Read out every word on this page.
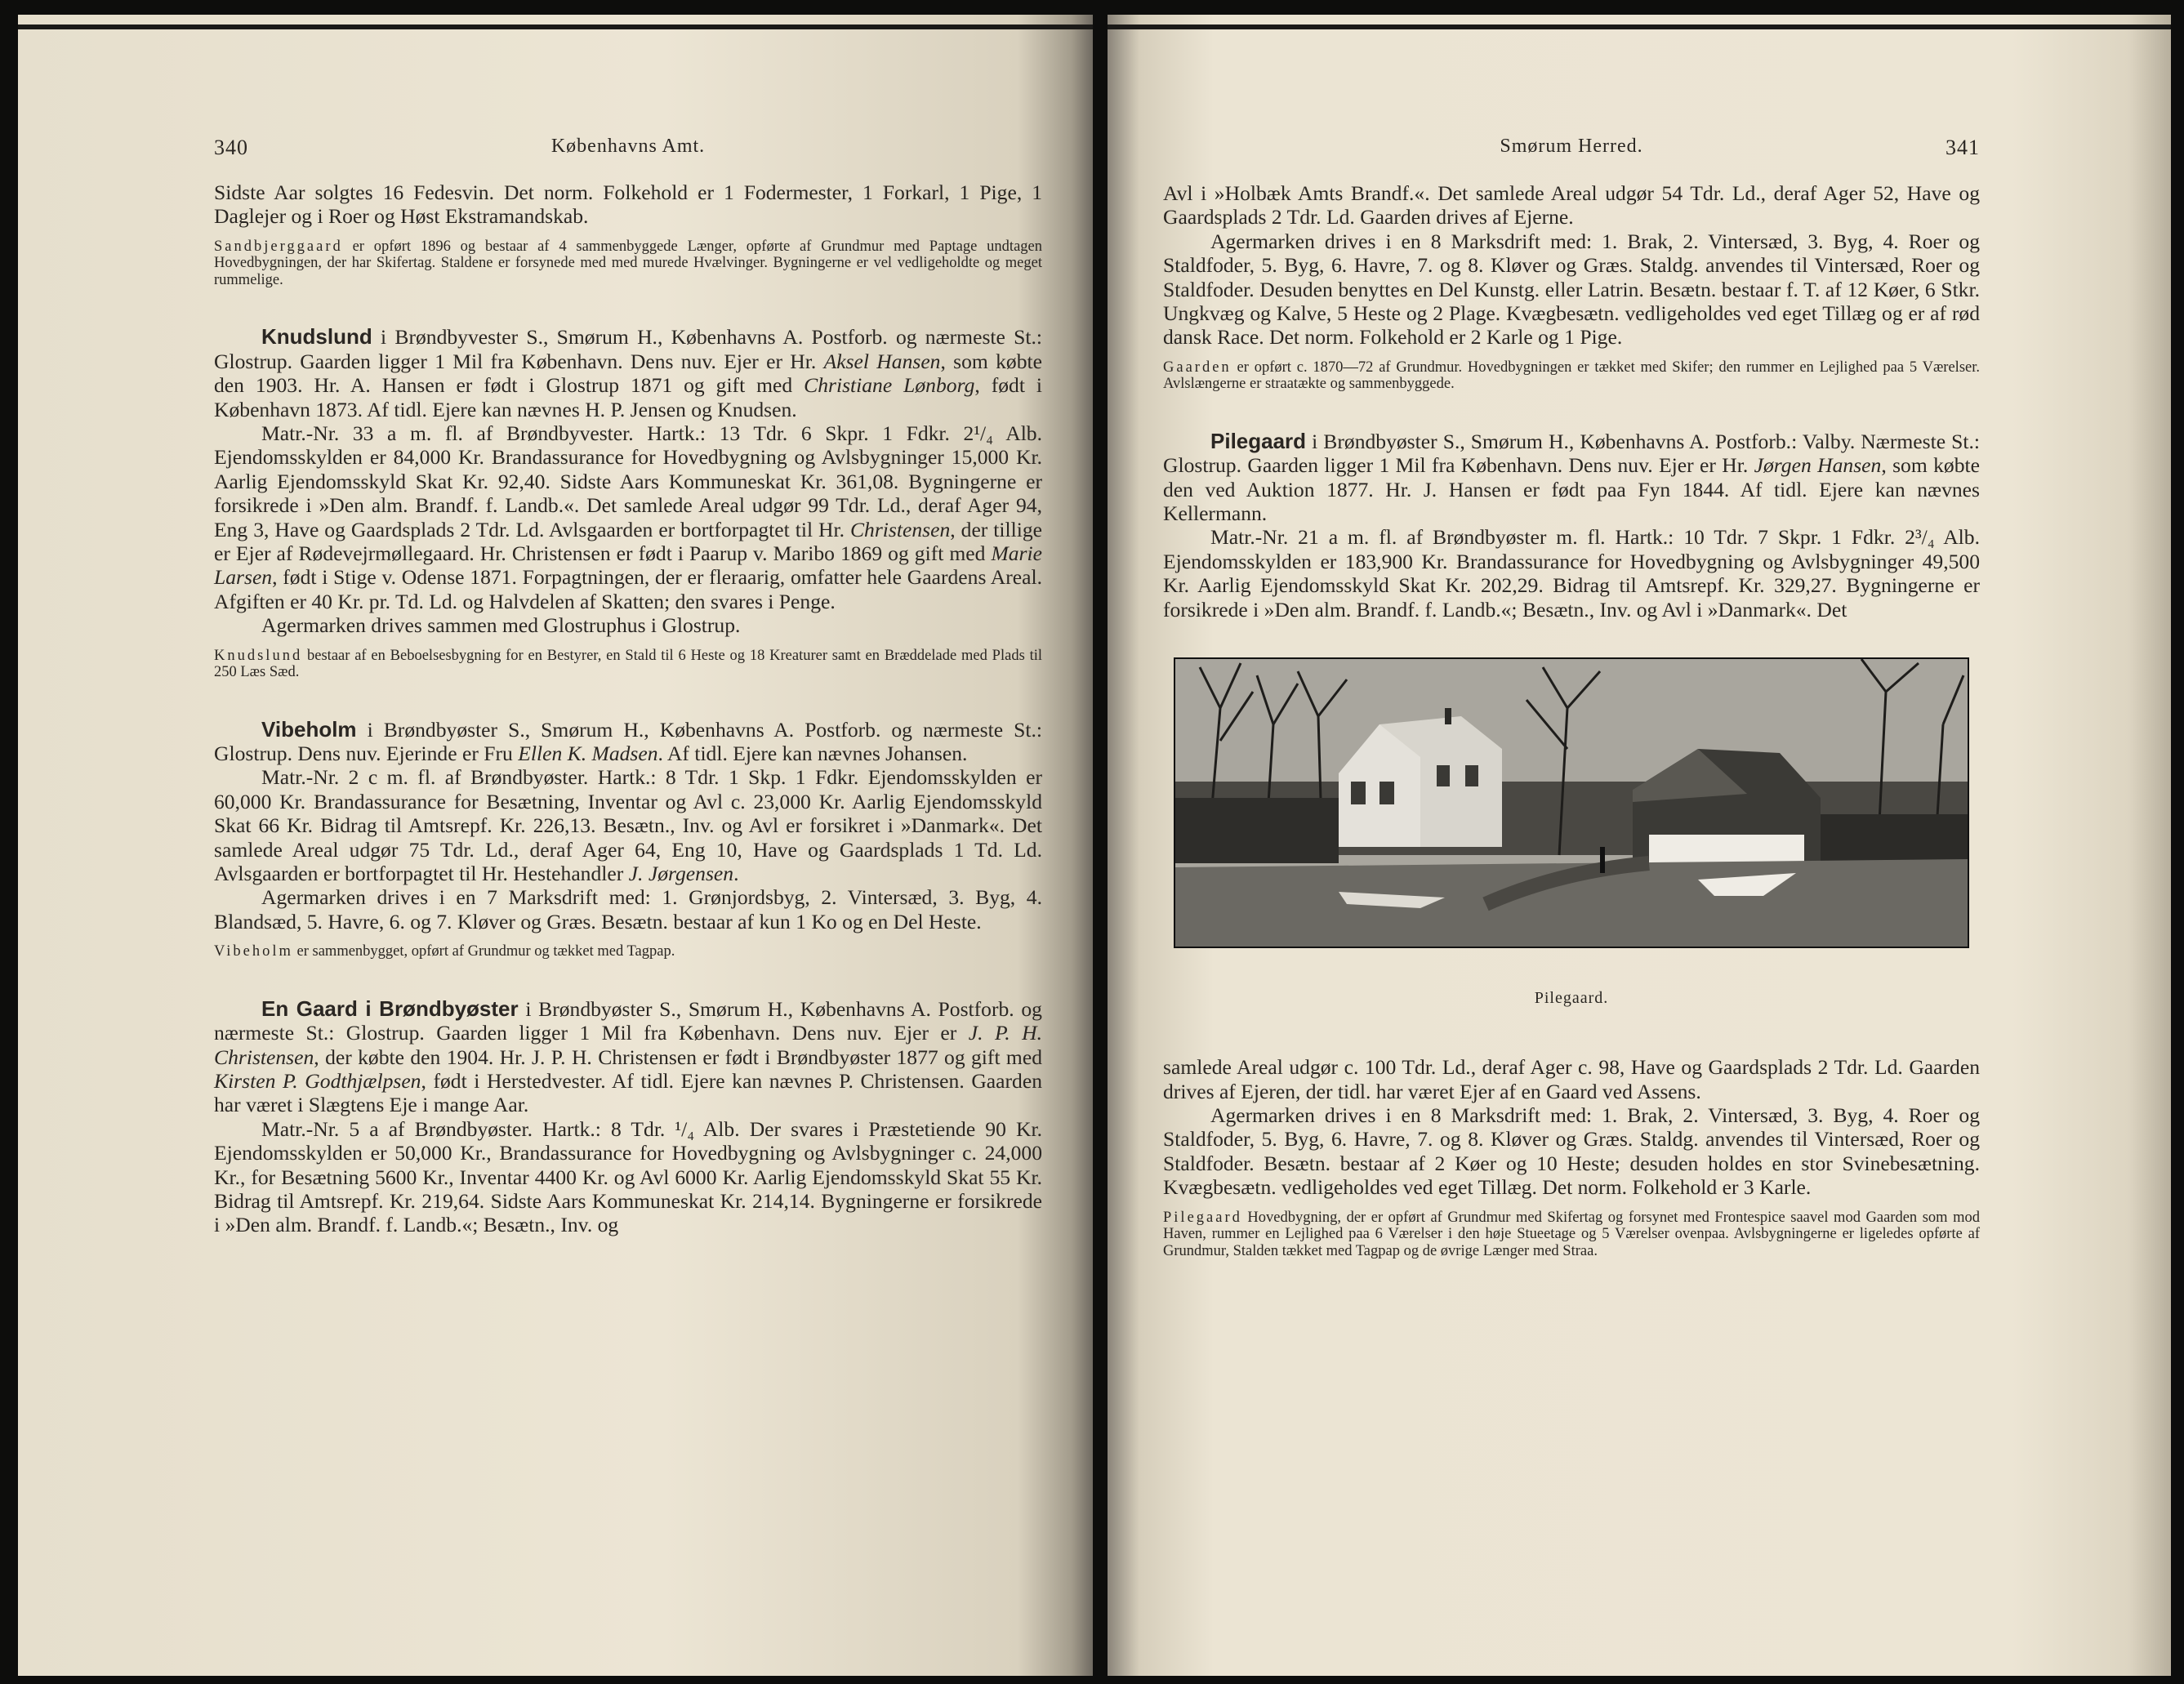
340	Københavns Amt.

Sidste Aar solgtes 16 Fedesvin. Det norm. Folkehold er 1 Fodermester, 1 Forkarl, 1 Pige, 1 Daglejer og i Roer og Høst Ekstramandskab.

Sandbjerggaard er opført 1896 og bestaar af 4 sammenbyggede Længer, opførte af Grundmur med Paptage undtagen Hovedbygningen, der har Skifertag. Staldene er forsynede med med murede Hvælvinger. Bygningerne er vel vedligeholdte og meget rummelige.

Knudslund i Brøndbyvester S., Smørum H., Københavns A. Postforb. og nærmeste St.: Glostrup. Gaarden ligger 1 Mil fra København. Dens nuv. Ejer er Hr. Aksel Hansen, som købte den 1903. Hr. A. Hansen er født i Glostrup 1871 og gift med Christiane Lønborg, født i København 1873. Af tidl. Ejere kan nævnes H. P. Jensen og Knudsen.

Matr.-Nr. 33 a m. fl. af Brøndbyvester. Hartk.: 13 Tdr. 6 Skpr. 1 Fdkr. 2¹/₄ Alb. Ejendomsskylden er 84,000 Kr. Brandassurance for Hovedbygning og Avlsbygninger 15,000 Kr. Aarlig Ejendomsskyld Skat Kr. 92,40. Sidste Aars Kommuneskat Kr. 361,08. Bygningerne er forsikrede i »Den alm. Brandf. f. Landb.«. Det samlede Areal udgør 99 Tdr. Ld., deraf Ager 94, Eng 3, Have og Gaardsplads 2 Tdr. Ld. Avlsgaarden er bortforpagtet til Hr. Christensen, der tillige er Ejer af Rødevejrmøllegaard. Hr. Christensen er født i Paarup v. Maribo 1869 og gift med Marie Larsen, født i Stige v. Odense 1871. Forpagtningen, der er fleraarig, omfatter hele Gaardens Areal. Afgiften er 40 Kr. pr. Td. Ld. og Halvdelen af Skatten; den svares i Penge.

Agermarken drives sammen med Glostruphus i Glostrup.

Knudslund bestaar af en Beboelsesbygning for en Bestyrer, en Stald til 6 Heste og 18 Kreaturer samt en Bræddelade med Plads til 250 Læs Sæd.

Vibeholm i Brøndbyøster S., Smørum H., Københavns A. Postforb. og nærmeste St.: Glostrup. Dens nuv. Ejerinde er Fru Ellen K. Madsen. Af tidl. Ejere kan nævnes Johansen.

Matr.-Nr. 2 c m. fl. af Brøndbyøster. Hartk.: 8 Tdr. 1 Skp. 1 Fdkr. Ejendomsskylden er 60,000 Kr. Brandassurance for Besætning, Inventar og Avl c. 23,000 Kr. Aarlig Ejendomsskyld Skat 66 Kr. Bidrag til Amtsrepf. Kr. 226,13. Besætn., Inv. og Avl er forsikret i »Danmark«. Det samlede Areal udgør 75 Tdr. Ld., deraf Ager 64, Eng 10, Have og Gaardsplads 1 Td. Ld. Avlsgaarden er bortforpagtet til Hr. Hestehandler J. Jørgensen.

Agermarken drives i en 7 Marksdrift med: 1. Grønjordsbyg, 2. Vintersæd, 3. Byg, 4. Blandsæd, 5. Havre, 6. og 7. Kløver og Græs. Besætn. bestaar af kun 1 Ko og en Del Heste.

Vibeholm er sammenbygget, opført af Grundmur og tækket med Tagpap.

En Gaard i Brøndbyøster i Brøndbyøster S., Smørum H., Københavns A. Postforb. og nærmeste St.: Glostrup. Gaarden ligger 1 Mil fra København. Dens nuv. Ejer er J. P. H. Christensen, der købte den 1904. Hr. J. P. H. Christensen er født i Brøndbyøster 1877 og gift med Kirsten P. Godthjælpsen, født i Herstedvester. Af tidl. Ejere kan nævnes P. Christensen. Gaarden har været i Slægtens Eje i mange Aar.

Matr.-Nr. 5 a af Brøndbyøster. Hartk.: 8 Tdr. ¹/₄ Alb. Der svares i Præstetiende 90 Kr. Ejendomsskylden er 50,000 Kr., Brandassurance for Hovedbygning og Avlsbygninger c. 24,000 Kr., for Besætning 5600 Kr., Inventar 4400 Kr. og Avl 6000 Kr. Aarlig Ejendomsskyld Skat 55 Kr. Bidrag til Amtsrepf. Kr. 219,64. Sidste Aars Kommuneskat Kr. 214,14. Bygningerne er forsikrede i »Den alm. Brandf. f. Landb.«; Besætn., Inv. og

Smørum Herred.	341

Avl i »Holbæk Amts Brandf.«. Det samlede Areal udgør 54 Tdr. Ld., deraf Ager 52, Have og Gaardsplads 2 Tdr. Ld. Gaarden drives af Ejerne.

Agermarken drives i en 8 Marksdrift med: 1. Brak, 2. Vintersæd, 3. Byg, 4. Roer og Staldfoder, 5. Byg, 6. Havre, 7. og 8. Kløver og Græs. Staldg. anvendes til Vintersæd, Roer og Staldfoder. Desuden benyttes en Del Kunstg. eller Latrin. Besætn. bestaar f. T. af 12 Køer, 6 Stkr. Ungkvæg og Kalve, 5 Heste og 2 Plage. Kvægbesætn. vedligeholdes ved eget Tillæg og er af rød dansk Race. Det norm. Folkehold er 2 Karle og 1 Pige.

Gaarden er opført c. 1870—72 af Grundmur. Hovedbygningen er tækket med Skifer; den rummer en Lejlighed paa 5 Værelser. Avlslængerne er straatækte og sammenbyggede.

Pilegaard i Brøndbyøster S., Smørum H., Københavns A. Postforb.: Valby. Nærmeste St.: Glostrup. Gaarden ligger 1 Mil fra København. Dens nuv. Ejer er Hr. Jørgen Hansen, som købte den ved Auktion 1877. Hr. J. Hansen er født paa Fyn 1844. Af tidl. Ejere kan nævnes Kellermann.

Matr.-Nr. 21 a m. fl. af Brøndbyøster m. fl. Hartk.: 10 Tdr. 7 Skpr. 1 Fdkr. 2³/₄ Alb. Ejendomsskylden er 183,900 Kr. Brandassurance for Hovedbygning og Avlsbygninger 49,500 Kr. Aarlig Ejendomsskyld Skat Kr. 202,29. Bidrag til Amtsrepf. Kr. 329,27. Bygningerne er forsikrede i »Den alm. Brandf. f. Landb.«; Besætn., Inv. og Avl i »Danmark«. Det

Pilegaard.

samlede Areal udgør c. 100 Tdr. Ld., deraf Ager c. 98, Have og Gaardsplads 2 Tdr. Ld. Gaarden drives af Ejeren, der tidl. har været Ejer af en Gaard ved Assens.

Agermarken drives i en 8 Marksdrift med: 1. Brak, 2. Vintersæd, 3. Byg, 4. Roer og Staldfoder, 5. Byg, 6. Havre, 7. og 8. Kløver og Græs. Staldg. anvendes til Vintersæd, Roer og Staldfoder. Besætn. bestaar af 2 Køer og 10 Heste; desuden holdes en stor Svinebesætning. Kvægbesætn. vedligeholdes ved eget Tillæg. Det norm. Folkehold er 3 Karle.

Pilegaard Hovedbygning, der er opført af Grundmur med Skifertag og forsynet med Frontespice saavel mod Gaarden som mod Haven, rummer en Lejlighed paa 6 Værelser i den høje Stueetage og 5 Værelser ovenpaa. Avlsbygningerne er ligeledes opførte af Grundmur, Stalden tækket med Tagpap og de øvrige Længer med Straa.
